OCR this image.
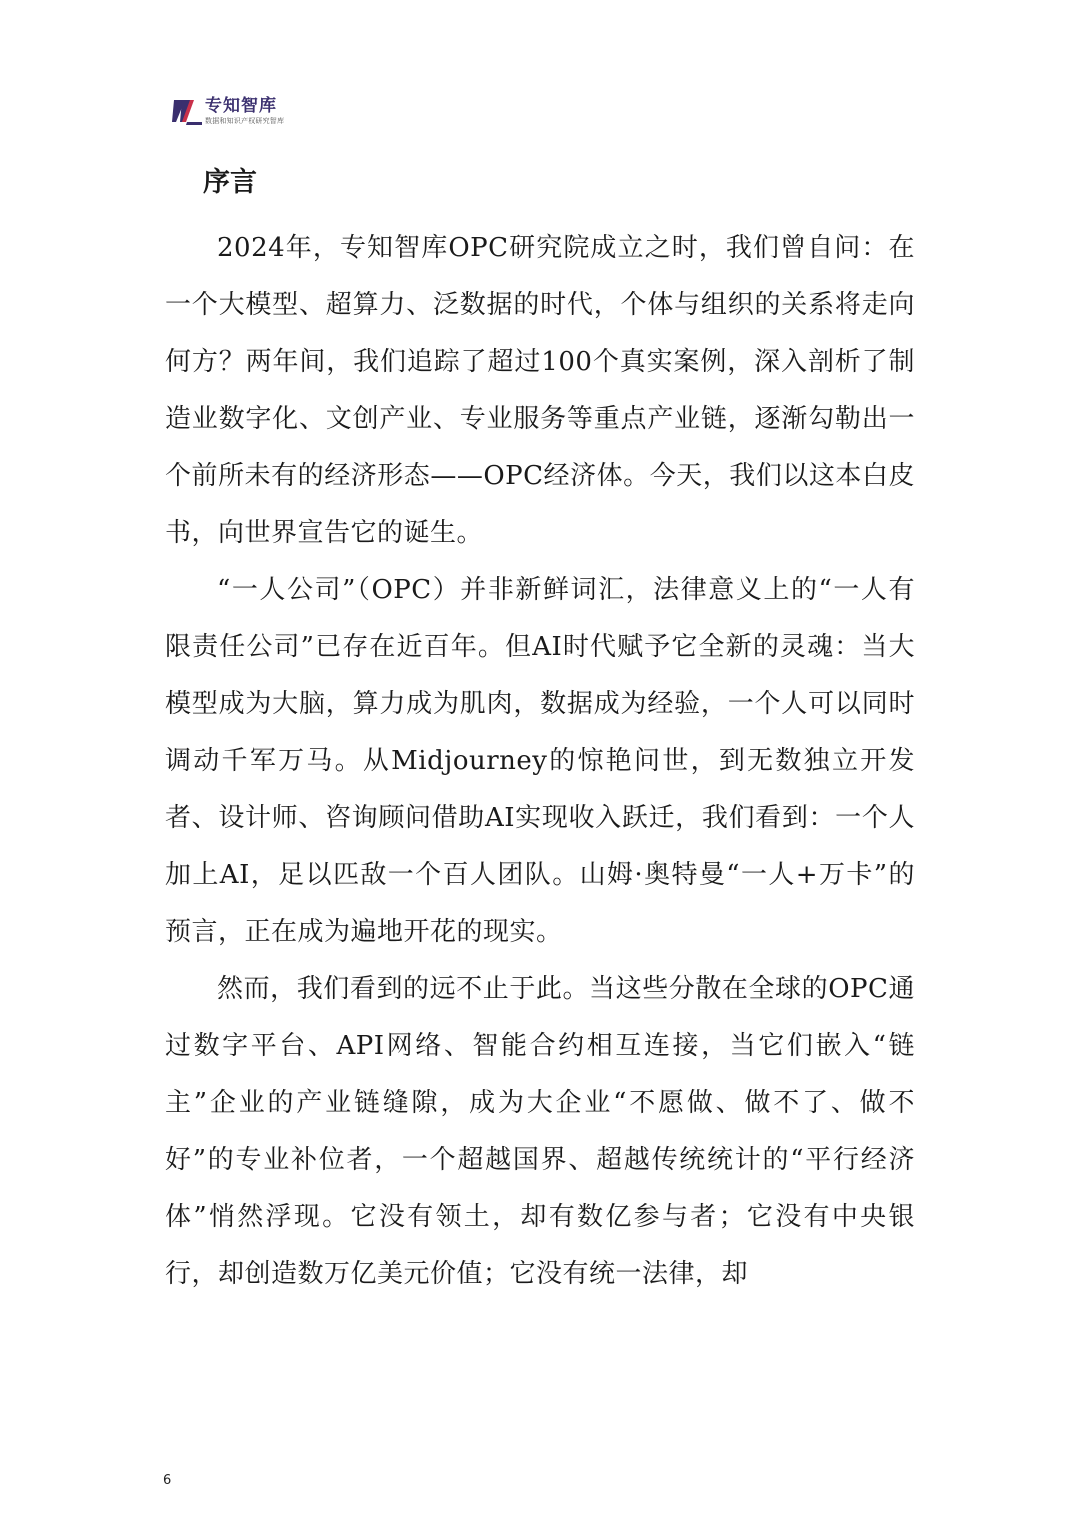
专知智库
数据和知识产权研究智库
序言

2024年，专知智库OPC研究院成立之时，我们曾自问：在一个大模型、超算力、泛数据的时代，个体与组织的关系将走向何方？两年间，我们追踪了超过100个真实案例，深入剖析了制造业数字化、文创产业、专业服务等重点产业链，逐渐勾勒出一个前所未有的经济形态——OPC经济体。今天，我们以这本白皮书，向世界宣告它的诞生。

“一人公司”（OPC）并非新鲜词汇，法律意义上的“一人有限责任公司”已存在近百年。但AI时代赋予它全新的灵魂：当大模型成为大脑，算力成为肌肉，数据成为经验，一个人可以同时调动千军万马。从Midjourney的惊艳问世，到无数独立开发者、设计师、咨询顾问借助AI实现收入跃迁，我们看到：一个人加上AI，足以匹敌一个百人团队。山姆·奥特曼“一人+万卡”的预言，正在成为遍地开花的现实。

然而，我们看到的远不止于此。当这些分散在全球的OPC通过数字平台、API网络、智能合约相互连接，当它们嵌入“链主”企业的产业链缝隙，成为大企业“不愿做、做不了、做不好”的专业补位者，一个超越国界、超越传统统计的“平行经济体”悄然浮现。它没有领土，却有数亿参与者；它没有中央银行，却创造数万亿美元价值；它没有统一法律，却

6
